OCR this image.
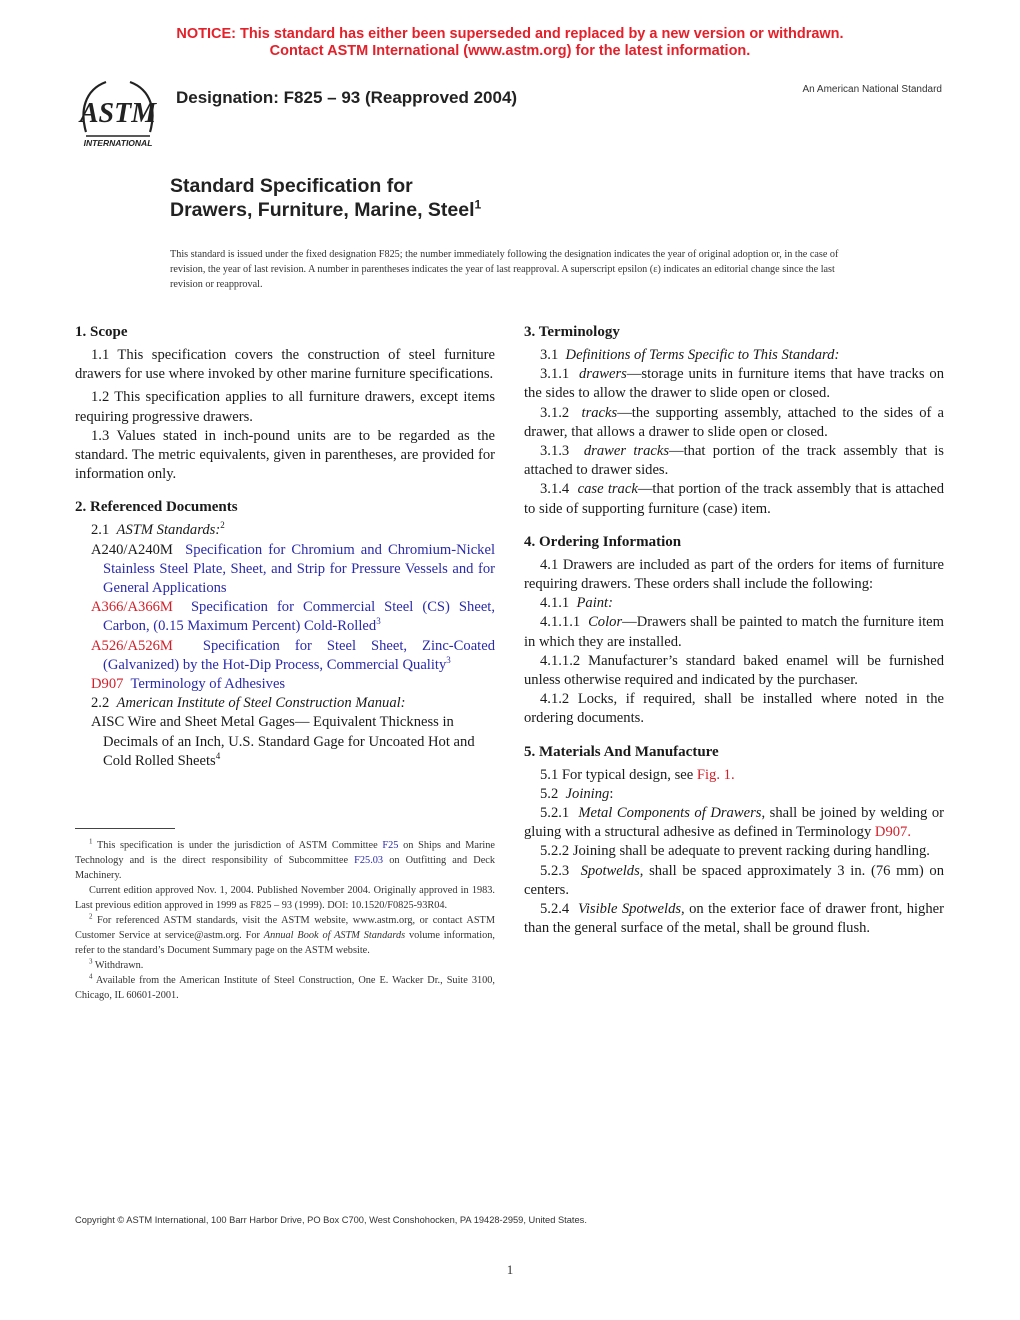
NOTICE: This standard has either been superseded and replaced by a new version or withdrawn.
Contact ASTM International (www.astm.org) for the latest information.
ASTM
INTERNATIONAL
Designation: F825 – 93 (Reapproved 2004)	An American National Standard
Standard Specification for
Drawers, Furniture, Marine, Steel$^1$
This standard is issued under the fixed designation F825; the number immediately following the designation indicates the year of original adoption or, in the case of revision, the year of last revision. A number in parentheses indicates the year of last reapproval. A superscript epsilon (ε) indicates an editorial change since the last revision or reapproval.
1. Scope

1.1 This specification covers the construction of steel furniture drawers for use where invoked by other marine furniture specifications.

1.2 This specification applies to all furniture drawers, except items requiring progressive drawers.

1.3 Values stated in inch-pound units are to be regarded as the standard. The metric equivalents, given in parentheses, are provided for information only.

2. Referenced Documents

2.1 ASTM Standards:$^2$

A240/A240M Specification for Chromium and Chromium-Nickel Stainless Steel Plate, Sheet, and Strip for Pressure Vessels and for General Applications

A366/A366M Specification for Commercial Steel (CS) Sheet, Carbon, (0.15 Maximum Percent) Cold-Rolled$^3$

A526/A526M Specification for Steel Sheet, Zinc-Coated (Galvanized) by the Hot-Dip Process, Commercial Quality$^3$

D907 Terminology of Adhesives

2.2 American Institute of Steel Construction Manual:

AISC Wire and Sheet Metal Gages— Equivalent Thickness in Decimals of an Inch, U.S. Standard Gage for Uncoated Hot and Cold Rolled Sheets$^4$

3. Terminology

3.1 Definitions of Terms Specific to This Standard:

3.1.1 drawers—storage units in furniture items that have tracks on the sides to allow the drawer to slide open or closed.

3.1.2 tracks—the supporting assembly, attached to the sides of a drawer, that allows a drawer to slide open or closed.

3.1.3 drawer tracks—that portion of the track assembly that is attached to drawer sides.

3.1.4 case track—that portion of the track assembly that is attached to side of supporting furniture (case) item.

4. Ordering Information

4.1 Drawers are included as part of the orders for items of furniture requiring drawers. These orders shall include the following:

4.1.1 Paint:

4.1.1.1 Color—Drawers shall be painted to match the furniture item in which they are installed.

4.1.1.2 Manufacturer’s standard baked enamel will be furnished unless otherwise required and indicated by the purchaser.

4.1.2 Locks, if required, shall be installed where noted in the ordering documents.

5. Materials And Manufacture

5.1 For typical design, see Fig. 1.

5.2 Joining:

5.2.1 Metal Components of Drawers, shall be joined by welding or gluing with a structural adhesive as defined in Terminology D907.

5.2.2 Joining shall be adequate to prevent racking during handling.

5.2.3 Spotwelds, shall be spaced approximately 3 in. (76 mm) on centers.

5.2.4 Visible Spotwelds, on the exterior face of drawer front, higher than the general surface of the metal, shall be ground flush.

$^1$ This specification is under the jurisdiction of ASTM Committee F25 on Ships and Marine Technology and is the direct responsibility of Subcommittee F25.03 on Outfitting and Deck Machinery.

Current edition approved Nov. 1, 2004. Published November 2004. Originally approved in 1983. Last previous edition approved in 1999 as F825 – 93 (1999). DOI: 10.1520/F0825-93R04.

$^2$ For referenced ASTM standards, visit the ASTM website, www.astm.org, or contact ASTM Customer Service at service@astm.org. For Annual Book of ASTM Standards volume information, refer to the standard’s Document Summary page on the ASTM website.

$^3$ Withdrawn.

$^4$ Available from the American Institute of Steel Construction, One E. Wacker Dr., Suite 3100, Chicago, IL 60601-2001.

Copyright © ASTM International, 100 Barr Harbor Drive, PO Box C700, West Conshohocken, PA 19428-2959, United States.
1
